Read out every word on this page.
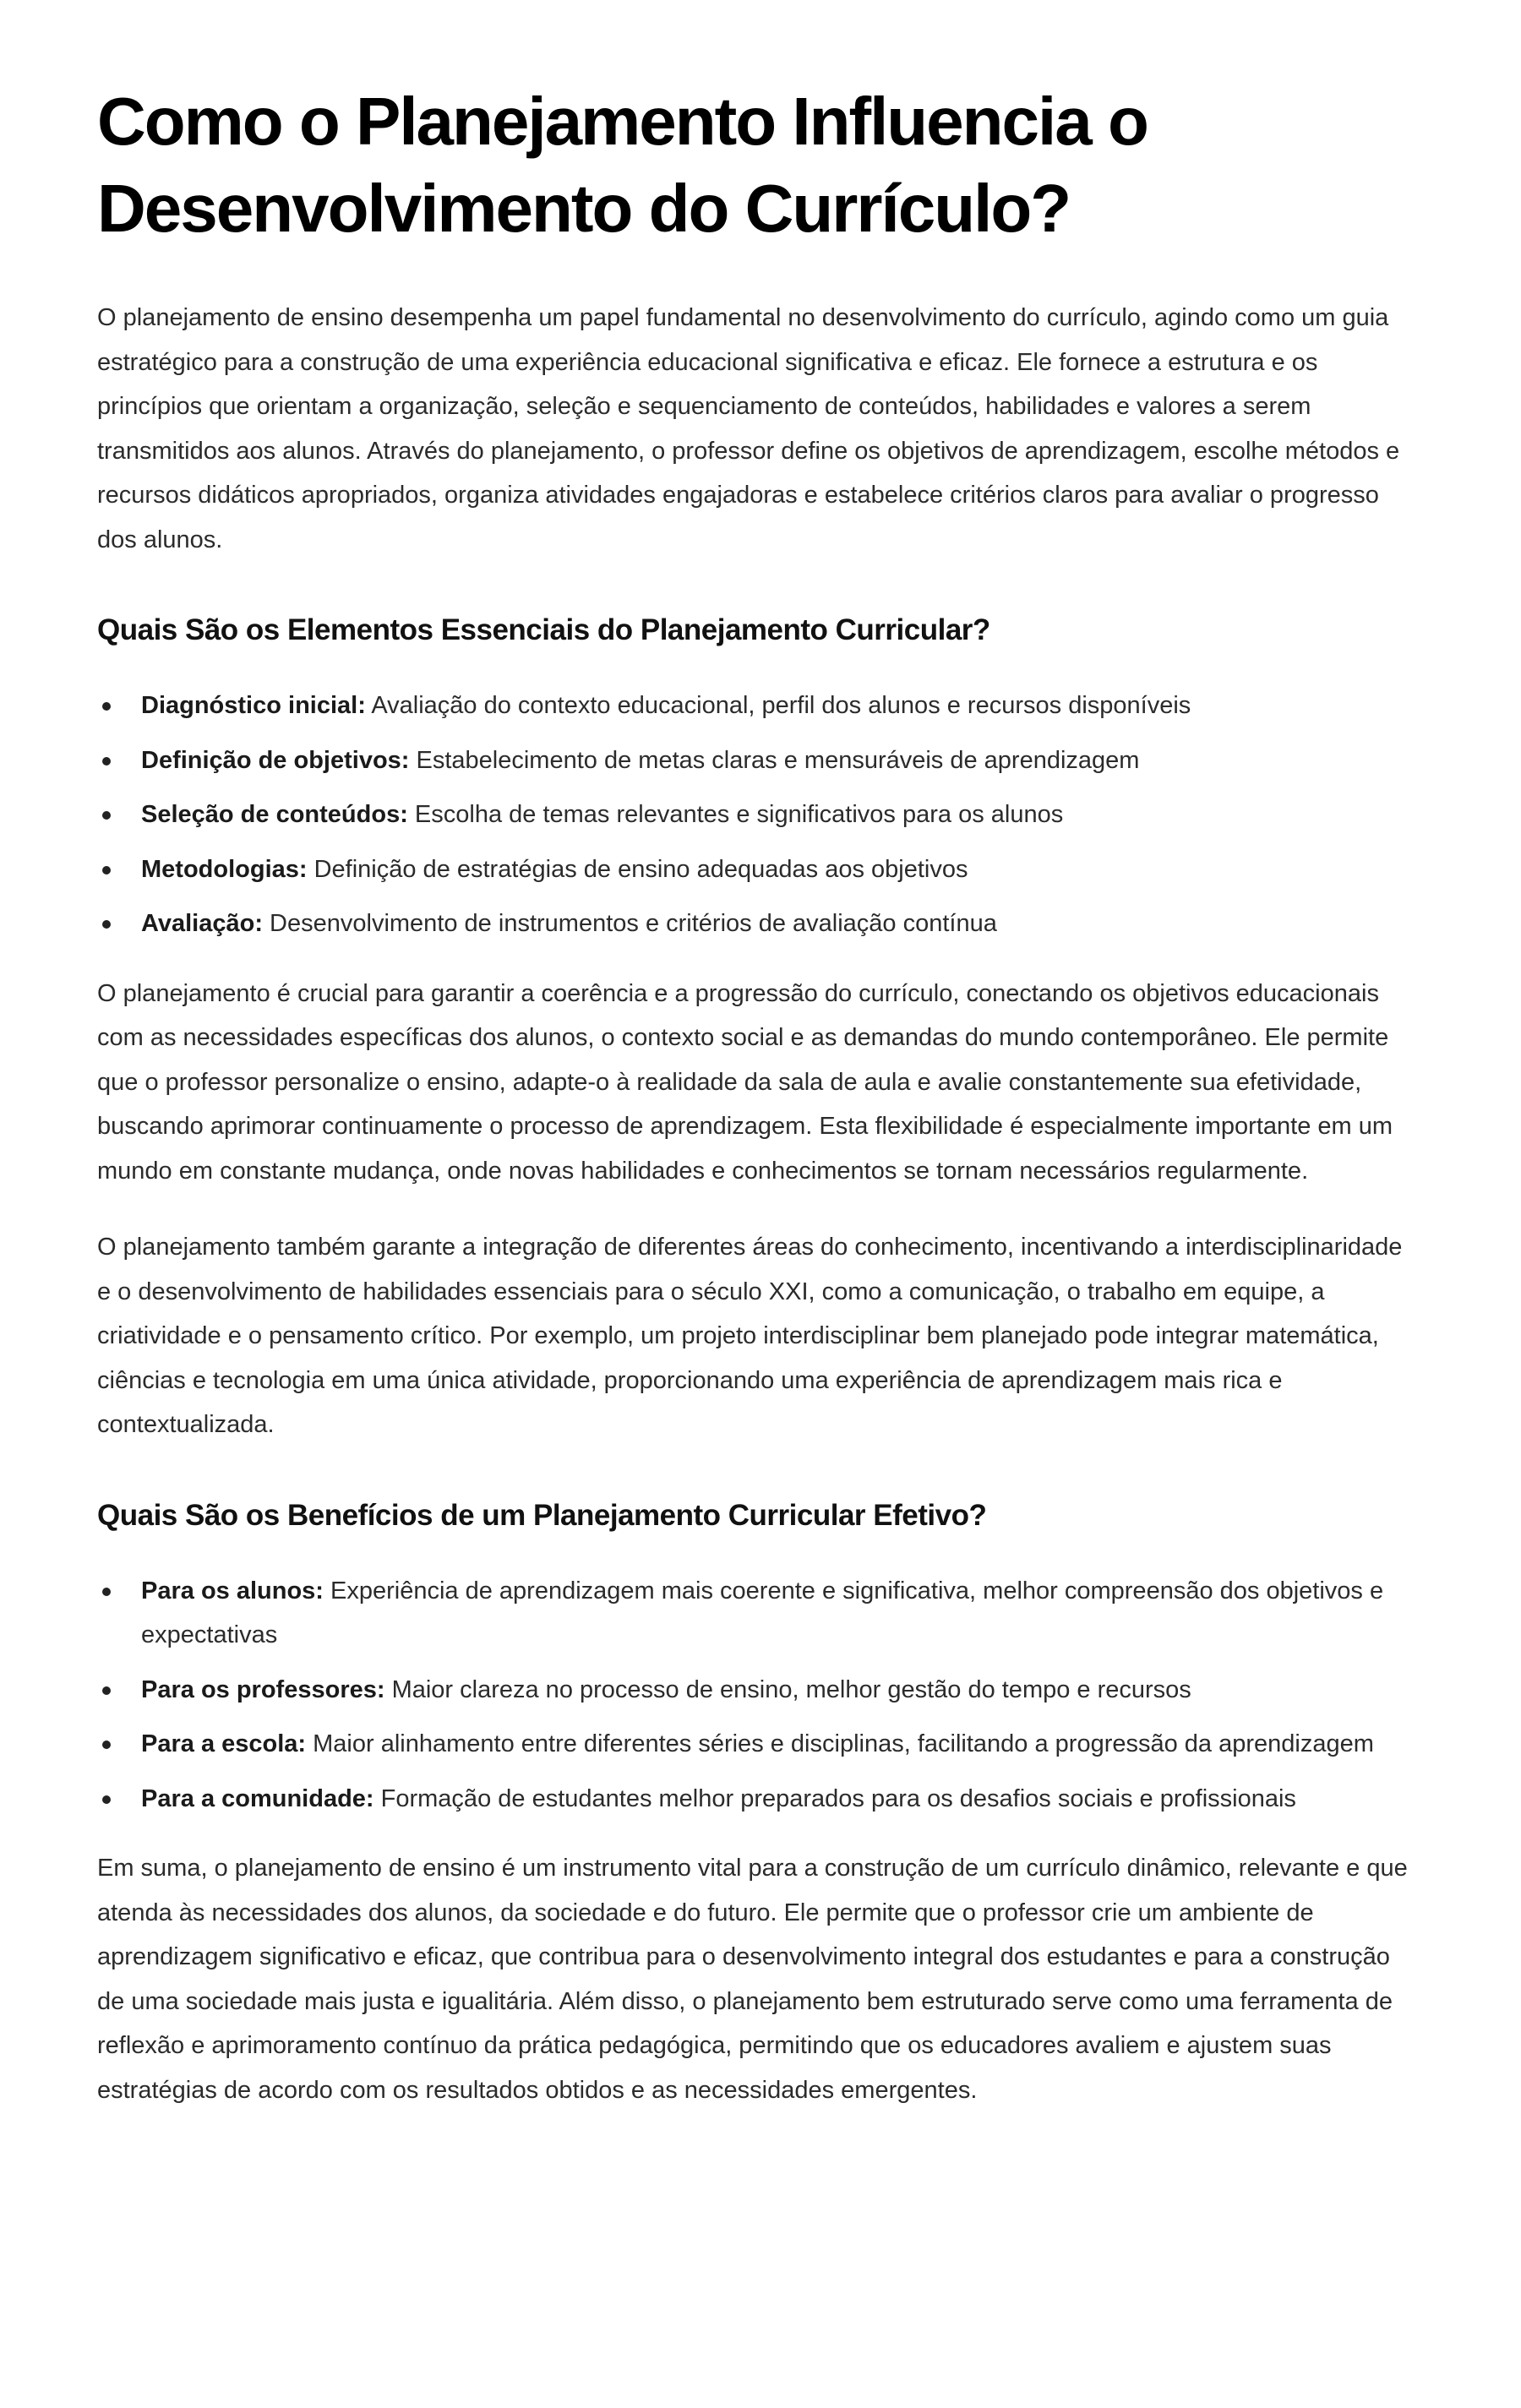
Como o Planejamento Influencia o Desenvolvimento do Currículo?

O planejamento de ensino desempenha um papel fundamental no desenvolvimento do currículo, agindo como um guia estratégico para a construção de uma experiência educacional significativa e eficaz. Ele fornece a estrutura e os princípios que orientam a organização, seleção e sequenciamento de conteúdos, habilidades e valores a serem transmitidos aos alunos. Através do planejamento, o professor define os objetivos de aprendizagem, escolhe métodos e recursos didáticos apropriados, organiza atividades engajadoras e estabelece critérios claros para avaliar o progresso dos alunos.

Quais São os Elementos Essenciais do Planejamento Curricular?
Diagnóstico inicial: Avaliação do contexto educacional, perfil dos alunos e recursos disponíveis
Definição de objetivos: Estabelecimento de metas claras e mensuráveis de aprendizagem
Seleção de conteúdos: Escolha de temas relevantes e significativos para os alunos
Metodologias: Definição de estratégias de ensino adequadas aos objetivos
Avaliação: Desenvolvimento de instrumentos e critérios de avaliação contínua

O planejamento é crucial para garantir a coerência e a progressão do currículo, conectando os objetivos educacionais com as necessidades específicas dos alunos, o contexto social e as demandas do mundo contemporâneo. Ele permite que o professor personalize o ensino, adapte-o à realidade da sala de aula e avalie constantemente sua efetividade, buscando aprimorar continuamente o processo de aprendizagem. Esta flexibilidade é especialmente importante em um mundo em constante mudança, onde novas habilidades e conhecimentos se tornam necessários regularmente.

O planejamento também garante a integração de diferentes áreas do conhecimento, incentivando a interdisciplinaridade e o desenvolvimento de habilidades essenciais para o século XXI, como a comunicação, o trabalho em equipe, a criatividade e o pensamento crítico. Por exemplo, um projeto interdisciplinar bem planejado pode integrar matemática, ciências e tecnologia em uma única atividade, proporcionando uma experiência de aprendizagem mais rica e contextualizada.

Quais São os Benefícios de um Planejamento Curricular Efetivo?
Para os alunos: Experiência de aprendizagem mais coerente e significativa, melhor compreensão dos objetivos e expectativas
Para os professores: Maior clareza no processo de ensino, melhor gestão do tempo e recursos
Para a escola: Maior alinhamento entre diferentes séries e disciplinas, facilitando a progressão da aprendizagem
Para a comunidade: Formação de estudantes melhor preparados para os desafios sociais e profissionais

Em suma, o planejamento de ensino é um instrumento vital para a construção de um currículo dinâmico, relevante e que atenda às necessidades dos alunos, da sociedade e do futuro. Ele permite que o professor crie um ambiente de aprendizagem significativo e eficaz, que contribua para o desenvolvimento integral dos estudantes e para a construção de uma sociedade mais justa e igualitária. Além disso, o planejamento bem estruturado serve como uma ferramenta de reflexão e aprimoramento contínuo da prática pedagógica, permitindo que os educadores avaliem e ajustem suas estratégias de acordo com os resultados obtidos e as necessidades emergentes.
